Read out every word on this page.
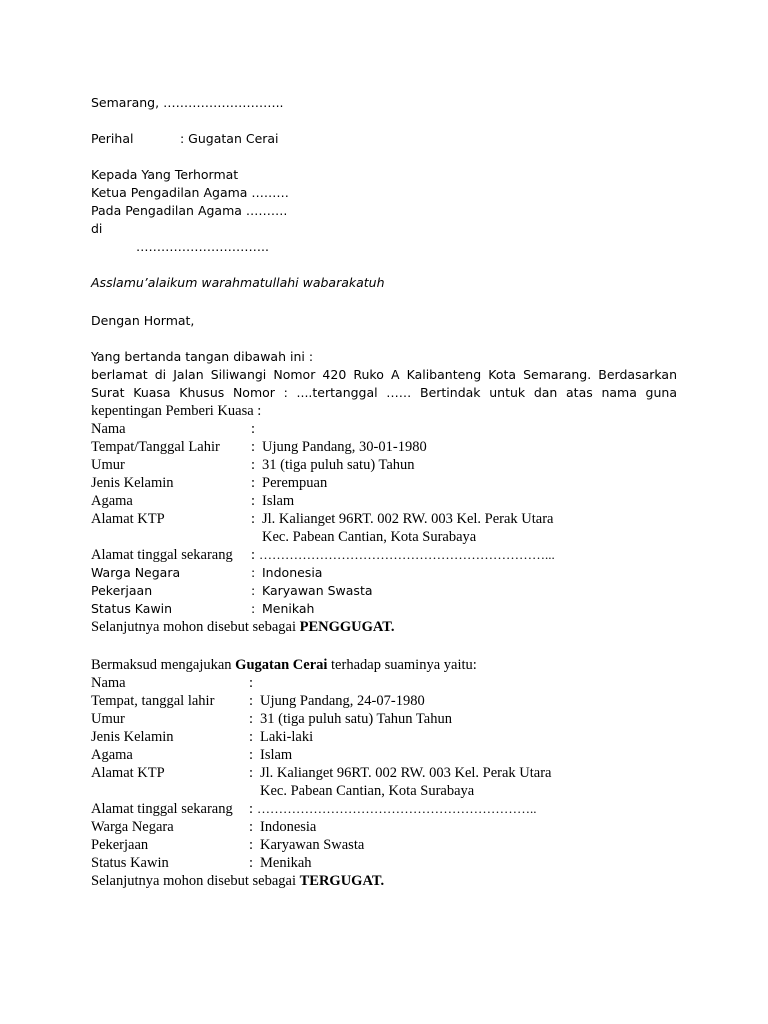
Semarang, ………………………..
Perihal	: Gugatan Cerai
Kepada Yang Terhormat
Ketua Pengadilan Agama ………
Pada Pengadilan Agama ……….
di
…………………………..
Asslamu’alaikum warahmatullahi wabarakatuh
Dengan Hormat,
Yang bertanda tangan dibawah ini :
berlamat di Jalan Siliwangi Nomor 420 Ruko A Kalibanteng Kota Semarang. Berdasarkan
Surat Kuasa Khusus Nomor : ....tertanggal …… Bertindak untuk dan atas nama guna
kepentingan Pemberi Kuasa :
Nama	:
Tempat/Tanggal Lahir : Ujung Pandang, 30-01-1980
Umur	: 31 (tiga puluh satu) Tahun
Jenis Kelamin	: Perempuan
Agama	: Islam
Alamat KTP	: Jl. Kalianget 96RT. 002 RW. 003 Kel. Perak Utara
Kec. Pabean Cantian, Kota Surabaya
Alamat tinggal sekarang : …………………………………………………………...
Warga Negara	: Indonesia
Pekerjaan	: Karyawan Swasta
Status Kawin	: Menikah
Selanjutnya mohon disebut sebagai PENGGUGAT.
Bermaksud mengajukan Gugatan Cerai terhadap suaminya yaitu:
Nama	:
Tempat, tanggal lahir : Ujung Pandang, 24-07-1980
Umur	: 31 (tiga puluh satu) Tahun Tahun
Jenis Kelamin	: Laki-laki
Agama	: Islam
Alamat KTP	: Jl. Kalianget 96RT. 002 RW. 003 Kel. Perak Utara
Kec. Pabean Cantian, Kota Surabaya
Alamat tinggal sekarang : ………………………………………………………..
Warga Negara	: Indonesia
Pekerjaan	: Karyawan Swasta
Status Kawin	: Menikah
Selanjutnya mohon disebut sebagai TERGUGAT.
